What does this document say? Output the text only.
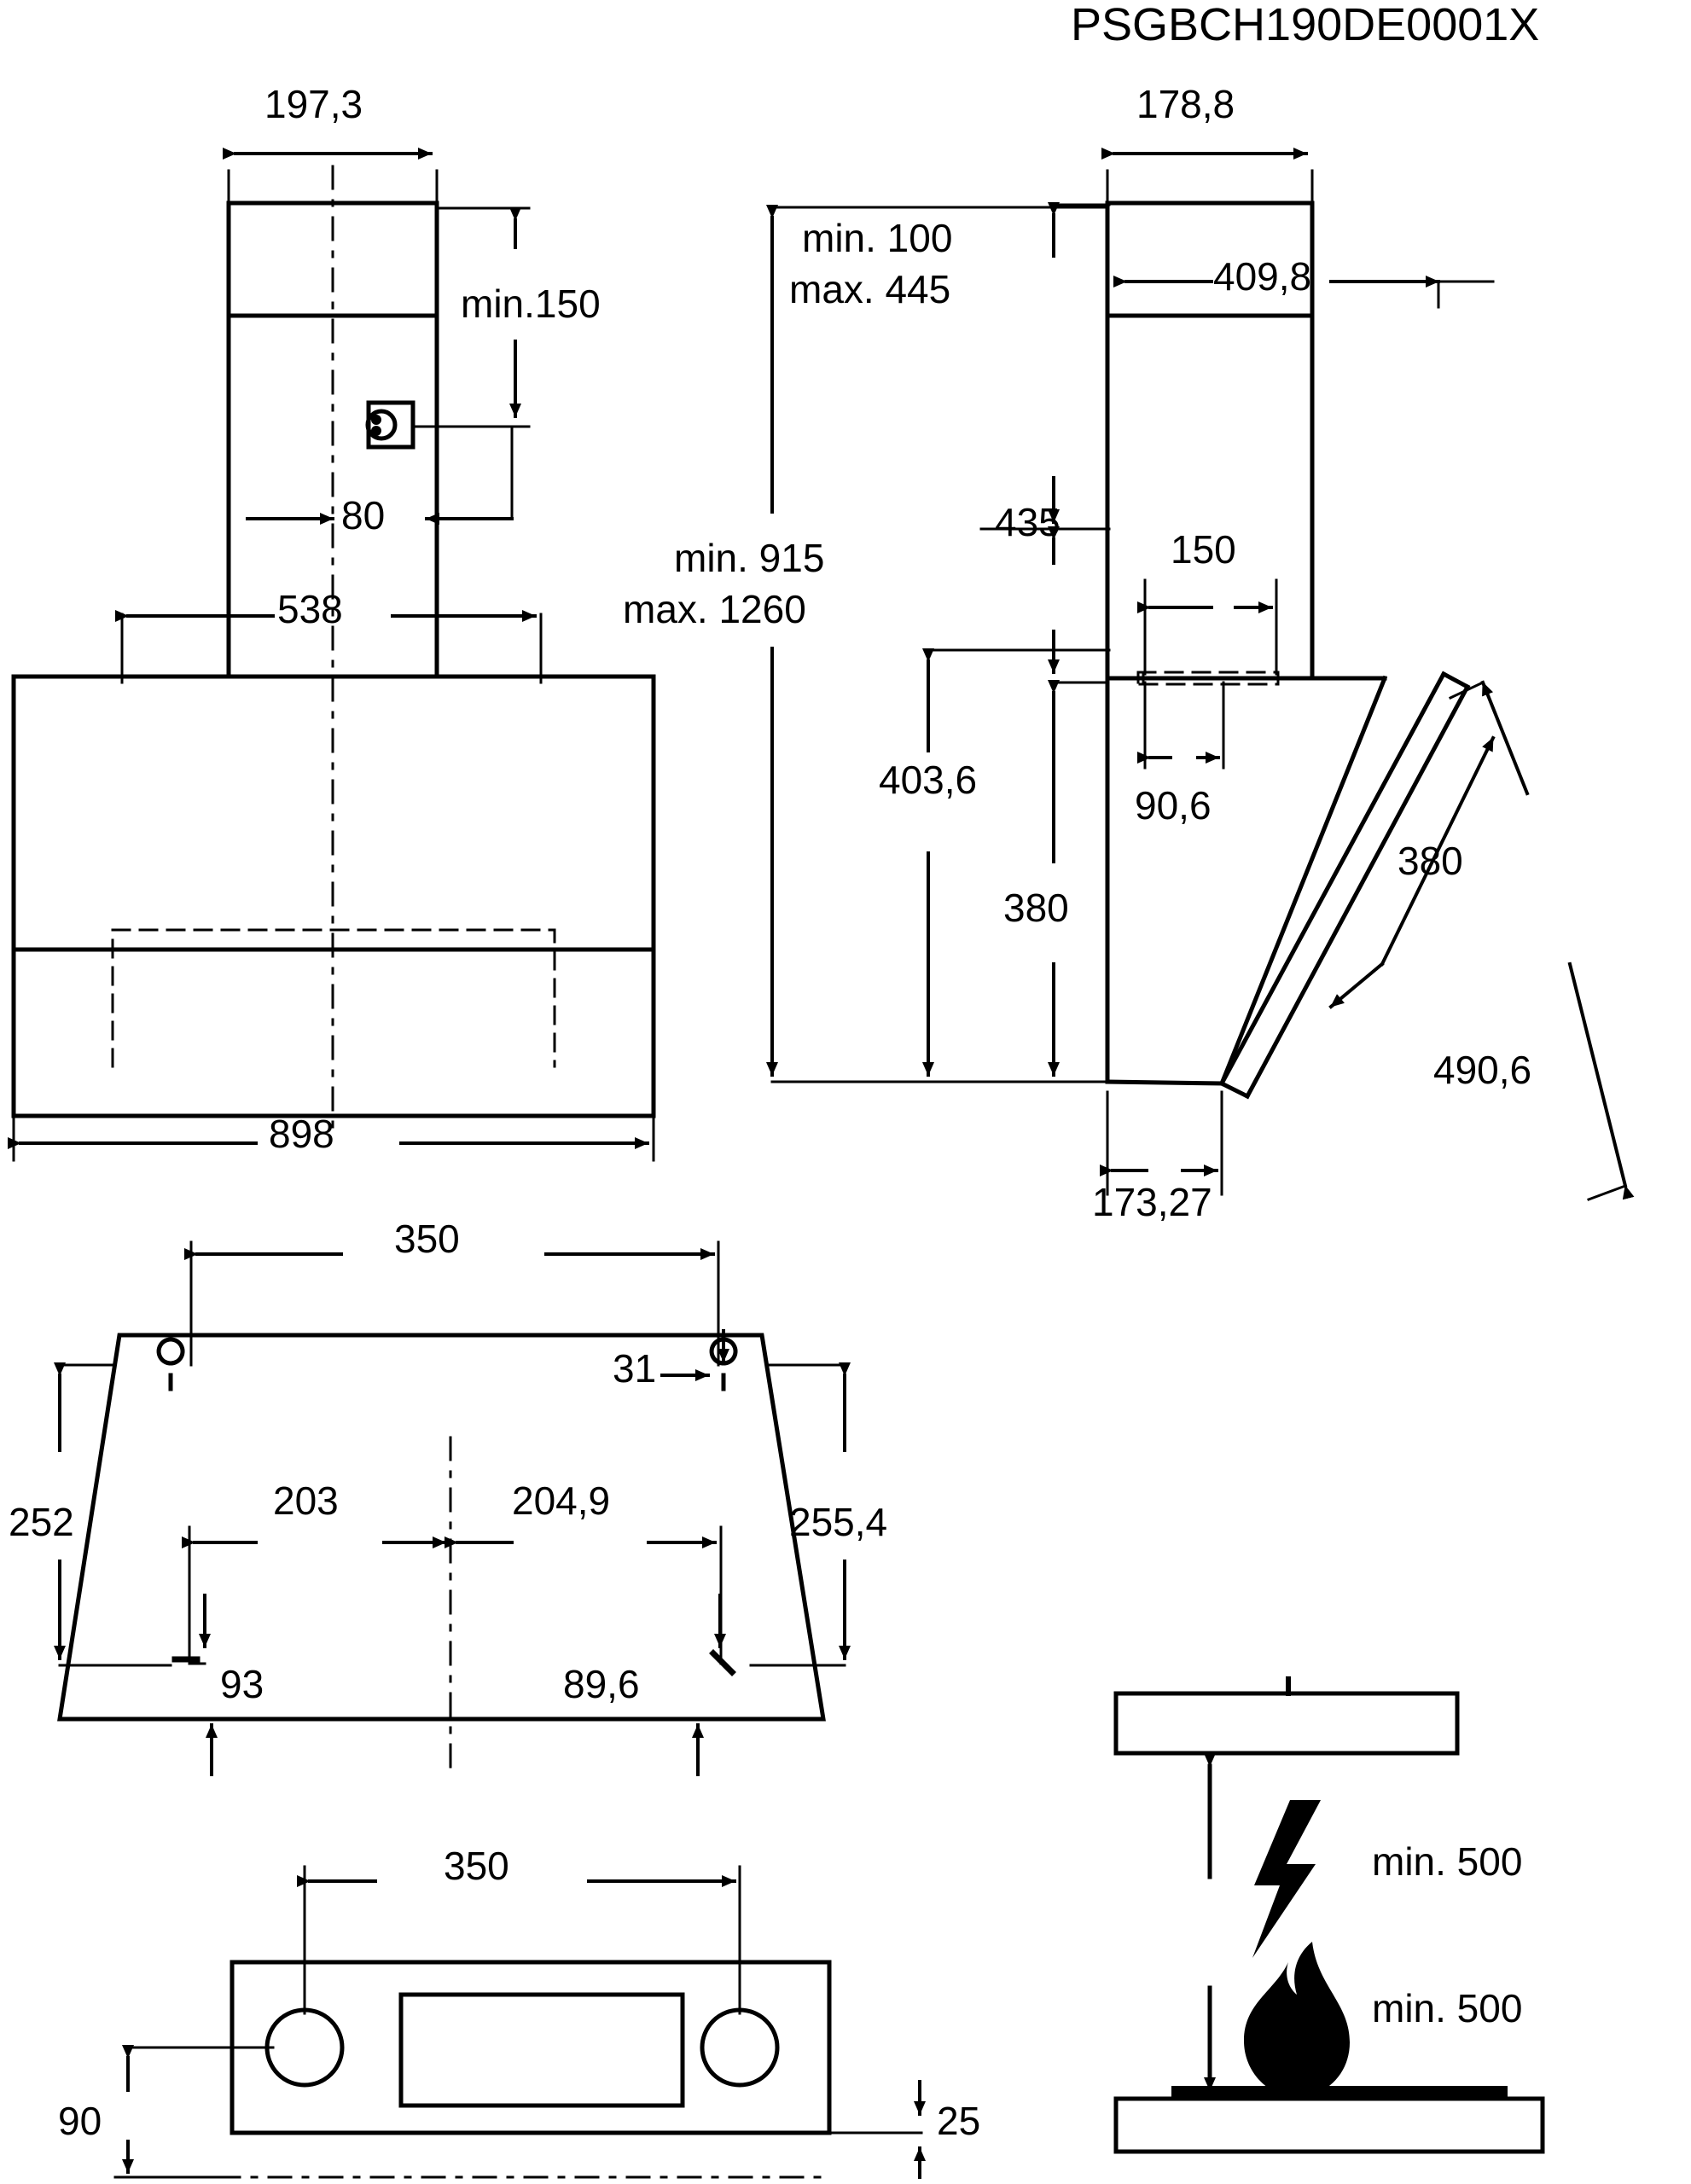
PSGBCH190DE0001X
197,3
min.150
80
538
898
178,8
min. 100
max. 445	409,8
min. 915
max. 1260
435
150
403,6
90,6
380
380
490,6
173,27
350
31
252	203	204,9	255,4
93	89,6
350
90	25
min. 500
min. 500
